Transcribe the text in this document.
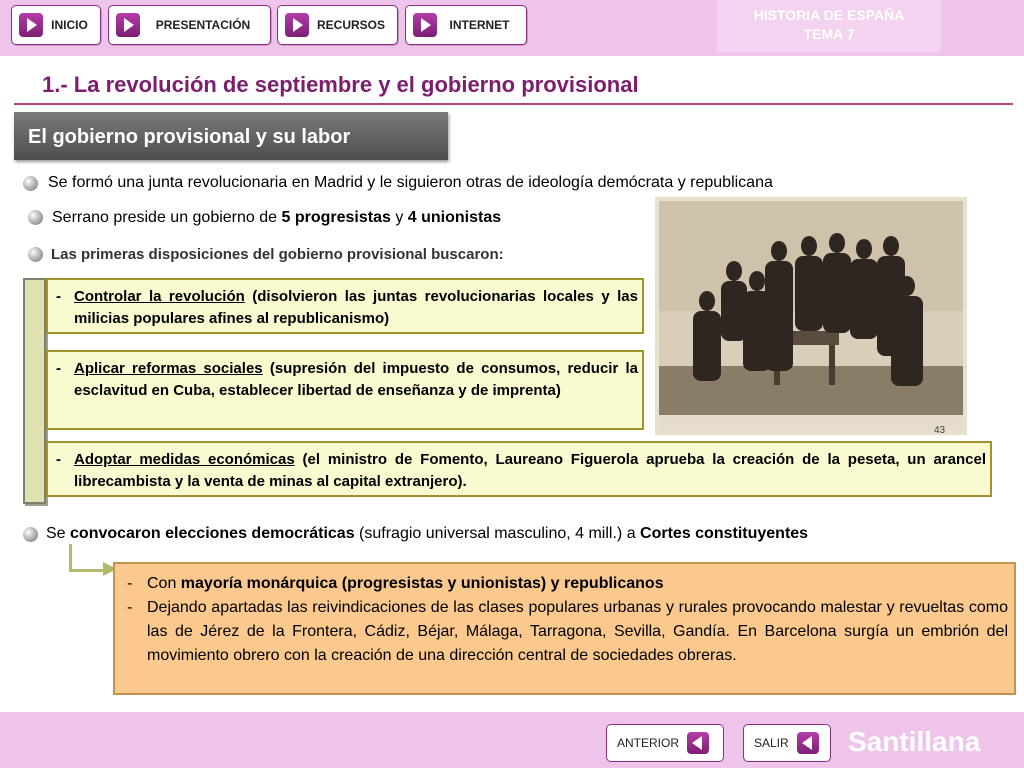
INICIO	PRESENTACIÓN	RECURSOS	INTERNET
HISTORIA DE ESPAÑA
TEMA 7
1.- La revolución de septiembre y el gobierno provisional
El gobierno provisional y su labor
Se formó una junta revolucionaria en Madrid y le siguieron otras de ideología demócrata y republicana
Serrano preside un gobierno de 5 progresistas y 4 unionistas
Las primeras disposiciones del gobierno provisional buscaron:
- Controlar la revolución (disolvieron las juntas revolucionarias locales y las milicias populares afines al republicanismo)
- Aplicar reformas sociales (supresión del impuesto de consumos, reducir la esclavitud en Cuba, establecer libertad de enseñanza y de imprenta)
- Adoptar medidas económicas (el ministro de Fomento, Laureano Figuerola aprueba la creación de la peseta, un arancel librecambista y la venta de minas al capital extranjero).
43
Se convocaron elecciones democráticas (sufragio universal masculino, 4 mill.) a Cortes constituyentes
- Con mayoría monárquica (progresistas y unionistas) y republicanos
- Dejando apartadas las reivindicaciones de las clases populares urbanas y rurales provocando malestar y revueltas como las de Jérez de la Frontera, Cádiz, Béjar, Málaga, Tarragona, Sevilla, Gandía. En Barcelona surgía un embrión del movimiento obrero con la creación de una dirección central de sociedades obreras.
ANTERIOR	SALIR Santillana
